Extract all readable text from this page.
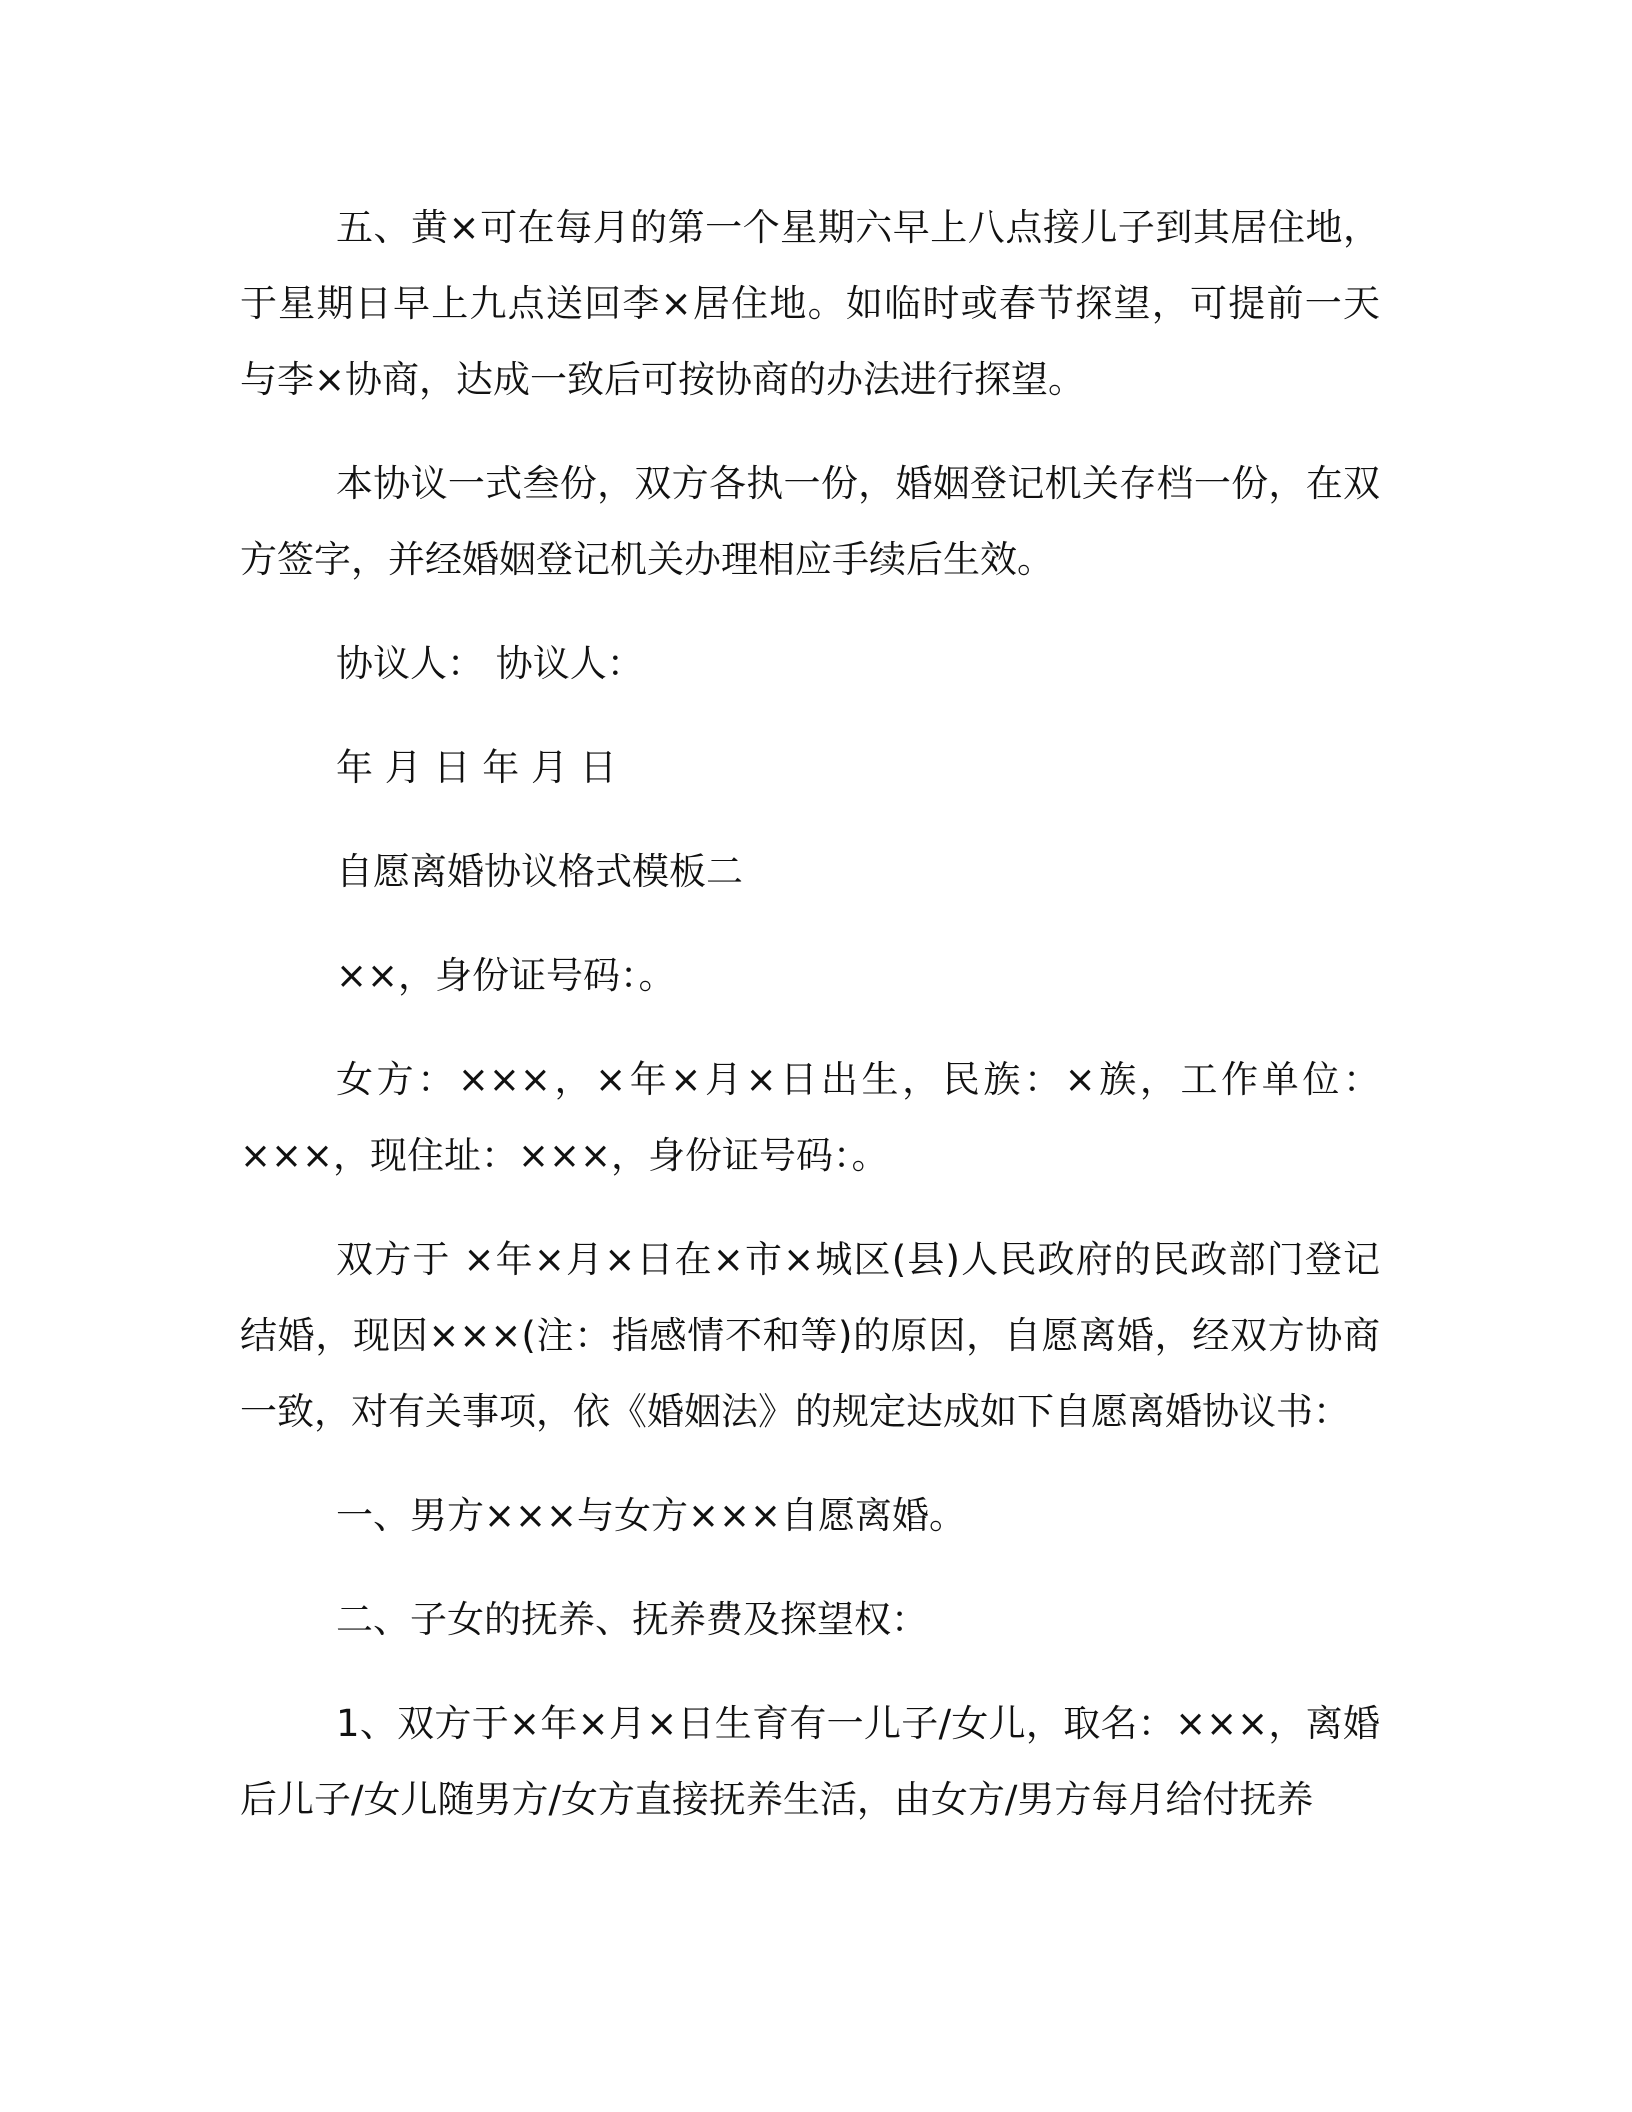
五、黄×可在每月的第一个星期六早上八点接儿子到其居住地，于星期日早上九点送回李×居住地。如临时或春节探望，可提前一天与李×协商，达成一致后可按协商的办法进行探望。

本协议一式叁份，双方各执一份，婚姻登记机关存档一份，在双方签字，并经婚姻登记机关办理相应手续后生效。

协议人： 协议人：

年 月 日 年 月 日

自愿离婚协议格式模板二

××，身份证号码：。

女方：×××，×年×月×日出生，民族：×族，工作单位：×××，现住址：×××，身份证号码：。

双方于 ×年×月×日在×市×城区(县)人民政府的民政部门登记结婚，现因×××(注：指感情不和等)的原因，自愿离婚，经双方协商一致，对有关事项，依《婚姻法》的规定达成如下自愿离婚协议书：

一、男方×××与女方×××自愿离婚。

二、子女的抚养、抚养费及探望权：

1、双方于×年×月×日生育有一儿子/女儿，取名：×××，离婚后儿子/女儿随男方/女方直接抚养生活，由女方/男方每月给付抚养
